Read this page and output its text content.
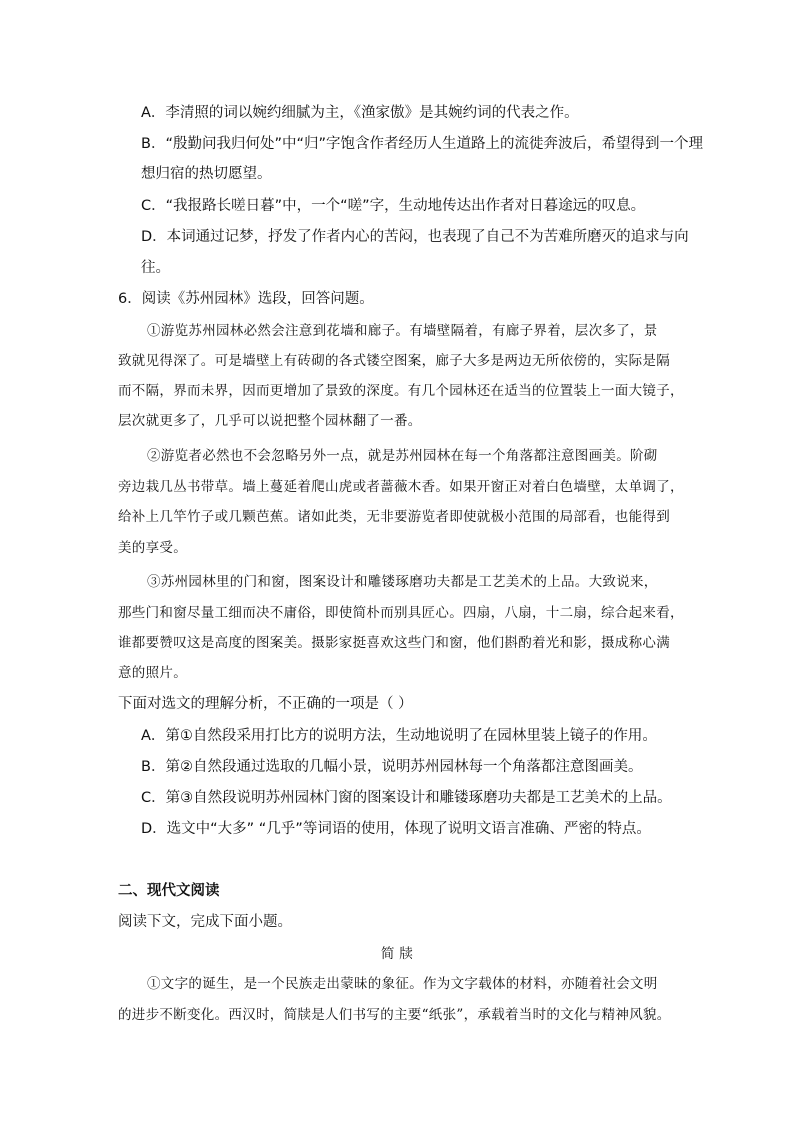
A．李清照的词以婉约细腻为主，《渔家傲》是其婉约词的代表之作。
B．“殷勤问我归何处”中“归”字饱含作者经历人生道路上的流徙奔波后，希望得到一个理
想归宿的热切愿望。
C．“我报路长嗟日暮”中，一个“嗟”字，生动地传达出作者对日暮途远的叹息。
D．本词通过记梦，抒发了作者内心的苦闷，也表现了自己不为苦难所磨灭的追求与向
往。
6．阅读《苏州园林》选段，回答问题。
①游览苏州园林必然会注意到花墙和廊子。有墙壁隔着，有廊子界着，层次多了，景
致就见得深了。可是墙壁上有砖砌的各式镂空图案，廊子大多是两边无所依傍的，实际是隔
而不隔，界而未界，因而更增加了景致的深度。有几个园林还在适当的位置装上一面大镜子，
层次就更多了，几乎可以说把整个园林翻了一番。
②游览者必然也不会忽略另外一点，就是苏州园林在每一个角落都注意图画美。阶砌
旁边栽几丛书带草。墙上蔓延着爬山虎或者蔷薇木香。如果开窗正对着白色墙壁，太单调了，
给补上几竿竹子或几颗芭蕉。诸如此类，无非要游览者即使就极小范围的局部看，也能得到
美的享受。
③苏州园林里的门和窗，图案设计和雕镂琢磨功夫都是工艺美术的上品。大致说来，
那些门和窗尽量工细而决不庸俗，即使简朴而别具匠心。四扇，八扇，十二扇，综合起来看，
谁都要赞叹这是高度的图案美。摄影家挺喜欢这些门和窗，他们斟酌着光和影，摄成称心满
意的照片。
下面对选文的理解分析，不正确的一项是（ ）
A．第①自然段采用打比方的说明方法，生动地说明了在园林里装上镜子的作用。
B．第②自然段通过选取的几幅小景，说明苏州园林每一个角落都注意图画美。
C．第③自然段说明苏州园林门窗的图案设计和雕镂琢磨功夫都是工艺美术的上品。
D．选文中“大多” “几乎”等词语的使用，体现了说明文语言准确、严密的特点。
二、现代文阅读
阅读下文，完成下面小题。
简 牍
①文字的诞生，是一个民族走出蒙昧的象征。作为文字载体的材料，亦随着社会文明
的进步不断变化。西汉时，简牍是人们书写的主要“纸张”，承载着当时的文化与精神风貌。
